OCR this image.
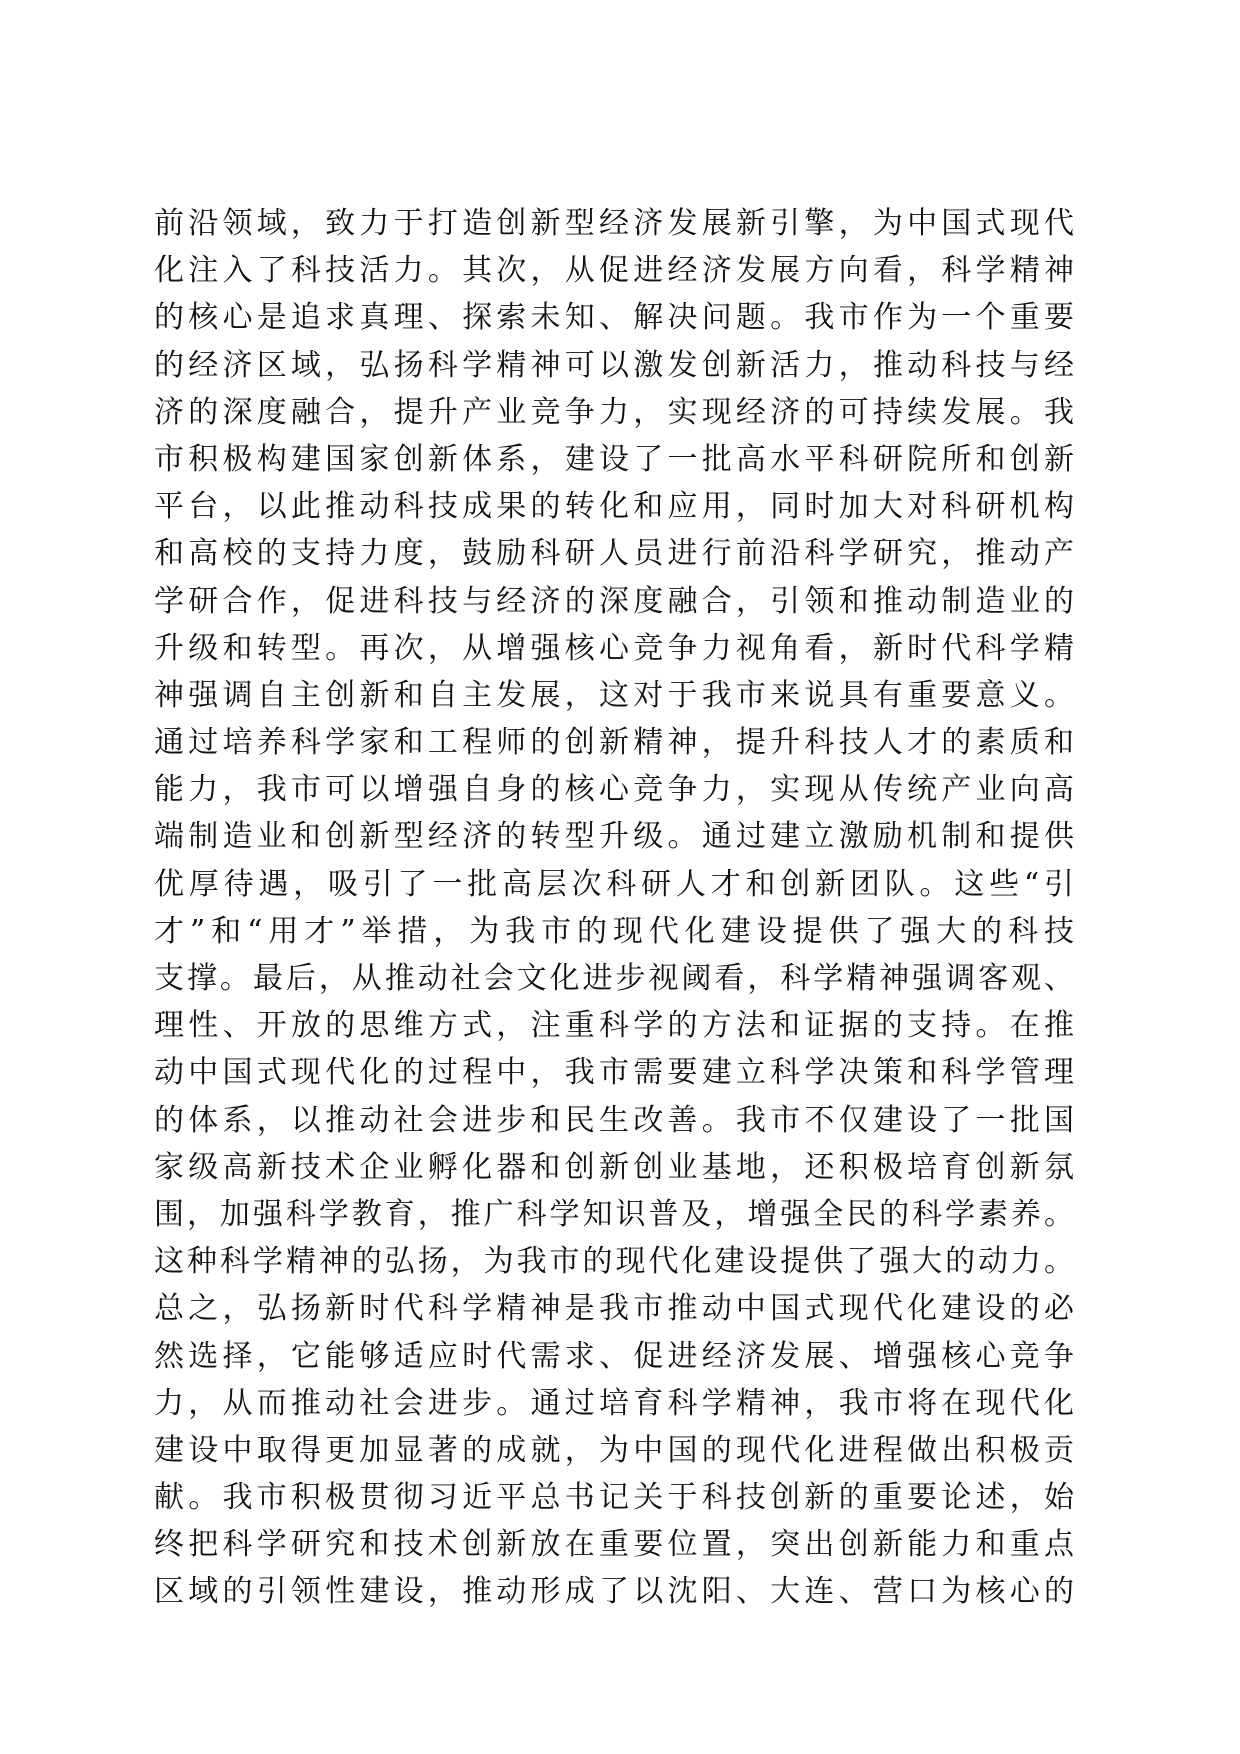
前沿领域，致力于打造创新型经济发展新引擎，为中国式现代
化注入了科技活力。其次，从促进经济发展方向看，科学精神
的核心是追求真理、探索未知、解决问题。我市作为一个重要
的经济区域，弘扬科学精神可以激发创新活力，推动科技与经
济的深度融合，提升产业竞争力，实现经济的可持续发展。我
市积极构建国家创新体系，建设了一批高水平科研院所和创新
平台，以此推动科技成果的转化和应用，同时加大对科研机构
和高校的支持力度，鼓励科研人员进行前沿科学研究，推动产
学研合作，促进科技与经济的深度融合，引领和推动制造业的
升级和转型。再次，从增强核心竞争力视角看，新时代科学精
神强调自主创新和自主发展，这对于我市来说具有重要意义。
通过培养科学家和工程师的创新精神，提升科技人才的素质和
能力，我市可以增强自身的核心竞争力，实现从传统产业向高
端制造业和创新型经济的转型升级。通过建立激励机制和提供
优厚待遇，吸引了一批高层次科研人才和创新团队。这些“引
才”和“用才”举措，为我市的现代化建设提供了强大的科技
支撑。最后，从推动社会文化进步视阈看，科学精神强调客观、
理性、开放的思维方式，注重科学的方法和证据的支持。在推
动中国式现代化的过程中，我市需要建立科学决策和科学管理
的体系，以推动社会进步和民生改善。我市不仅建设了一批国
家级高新技术企业孵化器和创新创业基地，还积极培育创新氛
围，加强科学教育，推广科学知识普及，增强全民的科学素养。
这种科学精神的弘扬，为我市的现代化建设提供了强大的动力。
总之，弘扬新时代科学精神是我市推动中国式现代化建设的必
然选择，它能够适应时代需求、促进经济发展、增强核心竞争
力，从而推动社会进步。通过培育科学精神，我市将在现代化
建设中取得更加显著的成就，为中国的现代化进程做出积极贡
献。我市积极贯彻习近平总书记关于科技创新的重要论述，始
终把科学研究和技术创新放在重要位置，突出创新能力和重点
区域的引领性建设，推动形成了以沈阳、大连、营口为核心的
